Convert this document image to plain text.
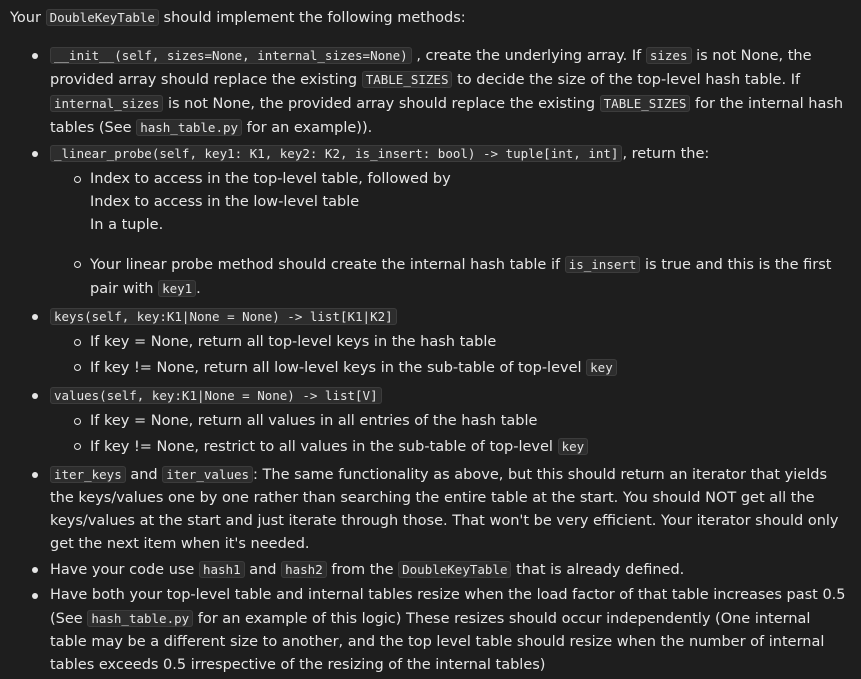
Your DoubleKeyTable should implement the following methods:

__init__(self, sizes=None, internal_sizes=None) , create the underlying array. If sizes is not None, the provided array should replace the existing TABLE_SIZES to decide the size of the top-level hash table. If internal_sizes is not None, the provided array should replace the existing TABLE_SIZES for the internal hash tables (See hash_table.py for an example)).
_linear_probe(self, key1: K1, key2: K2, is_insert: bool) -> tuple[int, int] , return the:
Index to access in the top-level table, followed by
Index to access in the low-level table
In a tuple.
Your linear probe method should create the internal hash table if is_insert is true and this is the first pair with key1 .
keys(self, key:K1|None = None) -> list[K1|K2]
If key = None, return all top-level keys in the hash table
If key != None, return all low-level keys in the sub-table of top-level key
values(self, key:K1|None = None) -> list[V]
If key = None, return all values in all entries of the hash table
If key != None, restrict to all values in the sub-table of top-level key
iter_keys and iter_values : The same functionality as above, but this should return an iterator that yields the keys/values one by one rather than searching the entire table at the start. You should NOT get all the keys/values at the start and just iterate through those. That won't be very efficient. Your iterator should only get the next item when it's needed.
Have your code use hash1 and hash2 from the DoubleKeyTable that is already defined.
Have both your top-level table and internal tables resize when the load factor of that table increases past 0.5 (See hash_table.py for an example of this logic) These resizes should occur independently (One internal table may be a different size to another, and the top level table should resize when the number of internal tables exceeds 0.5 irrespective of the resizing of the internal tables)
